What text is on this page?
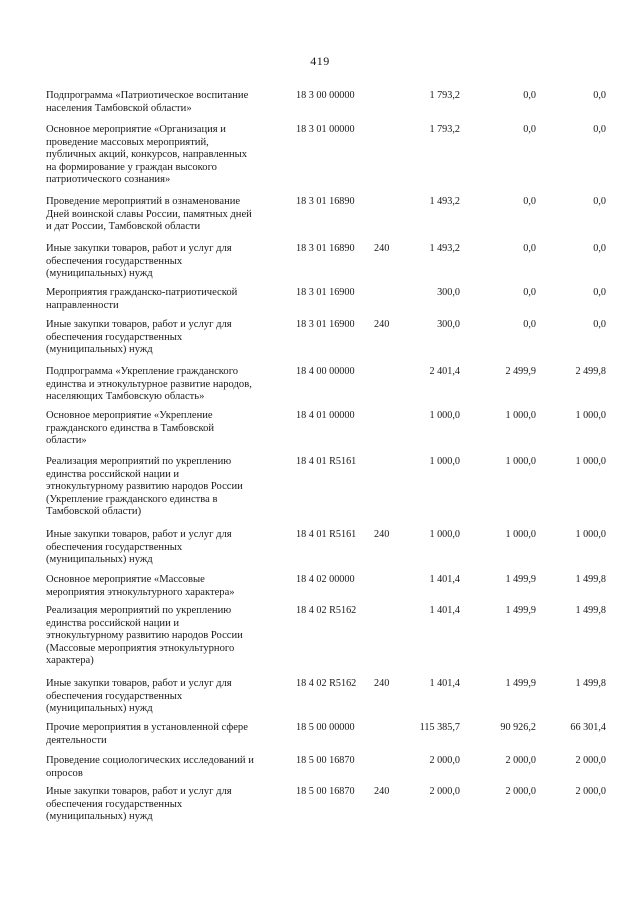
419
Подпрограмма «Патриотическое воспитание
населения Тамбовской области»
18 3 00 00000	1 793,2	0,0	0,0
Основное мероприятие «Организация и
проведение массовых мероприятий,
публичных акций, конкурсов, направленных
на формирование у граждан высокого
патриотического сознания»
18 3 01 00000	1 793,2	0,0	0,0
Проведение мероприятий в ознаменование
Дней воинской славы России, памятных дней
и дат России, Тамбовской области
18 3 01 16890	1 493,2	0,0	0,0
Иные закупки товаров, работ и услуг для
обеспечения государственных
(муниципальных) нужд
18 3 01 16890	240	1 493,2	0,0	0,0
Мероприятия гражданско-патриотической
направленности
18 3 01 16900	300,0	0,0	0,0
Иные закупки товаров, работ и услуг для
обеспечения государственных
(муниципальных) нужд
18 3 01 16900	240	300,0	0,0	0,0
Подпрограмма «Укрепление гражданского
единства и этнокультурное развитие народов,
населяющих Тамбовскую область»
18 4 00 00000	2 401,4	2 499,9	2 499,8
Основное мероприятие «Укрепление
гражданского единства в Тамбовской
области»
18 4 01 00000	1 000,0	1 000,0	1 000,0
Реализация мероприятий по укреплению
единства российской нации и
этнокультурному развитию народов России
(Укрепление гражданского единства в
Тамбовской области)
18 4 01 R5161	1 000,0	1 000,0	1 000,0
Иные закупки товаров, работ и услуг для
обеспечения государственных
(муниципальных) нужд
18 4 01 R5161	240	1 000,0	1 000,0	1 000,0
Основное мероприятие «Массовые
мероприятия этнокультурного характера»
18 4 02 00000	1 401,4	1 499,9	1 499,8
Реализация мероприятий по укреплению
единства российской нации и
этнокультурному развитию народов России
(Массовые мероприятия этнокультурного
характера)
18 4 02 R5162	1 401,4	1 499,9	1 499,8
Иные закупки товаров, работ и услуг для
обеспечения государственных
(муниципальных) нужд
18 4 02 R5162	240	1 401,4	1 499,9	1 499,8
Прочие мероприятия в установленной сфере
деятельности
18 5 00 00000	115 385,7	90 926,2	66 301,4
Проведение социологических исследований и
опросов
18 5 00 16870	2 000,0	2 000,0	2 000,0
Иные закупки товаров, работ и услуг для
обеспечения государственных
(муниципальных) нужд
18 5 00 16870	240	2 000,0	2 000,0	2 000,0
